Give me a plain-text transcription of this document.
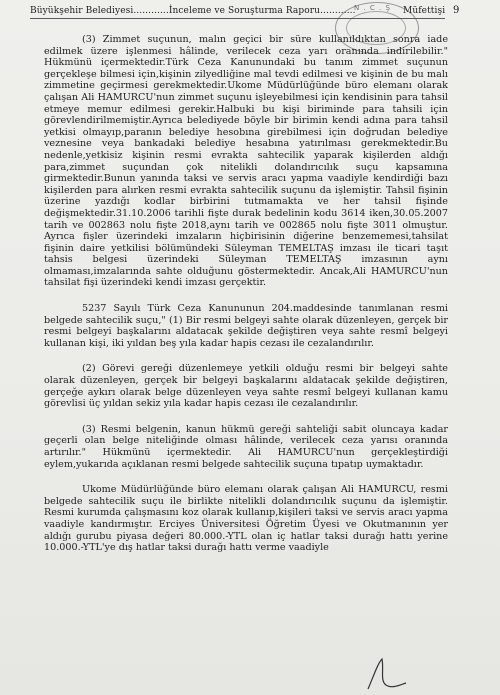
Büyükşehir Belediyesi............İnceleme ve Soruşturma Raporu............	Müfettişi 9
N . C . Ş

(3) Zimmet suçunun, malın geçici bir süre kullanıldıktan sonra iade edilmek üzere işlenmesi hâlinde, verilecek ceza yarı oranında indirilebilir." Hükmünü içermektedir.Türk Ceza Kanunundaki bu tanım zimmet suçunun gerçekleşe bilmesi için,kişinin zilyedliğine mal tevdi edilmesi ve kişinin de bu malı zimmetine geçirmesi gerekmektedir.Ukome Müdürlüğünde büro elemanı olarak çalışan Ali HAMURCU'nun zimmet suçunu işleyebilmesi için kendisinin para tahsil etmeye memur edilmesi gerekir.Halbuki bu kişi biriminde para tahsili için görevlendirilmemiştir.Ayrıca belediyede böyle bir birimin kendi adına para tahsil yetkisi olmayıp,paranın belediye hesobına girebilmesi için doğrudan belediye veznesine veya bankadaki belediye hesabına yatırılması gerekmektedir.Bu nedenle,yetkisiz kişinin resmi evrakta sahtecilik yaparak kişilerden aldığı para,zimmet suçundan çok nitelikli dolandırıcılık suçu kapsamına girmektedir.Bunun yanında taksi ve servis aracı yapma vaadiyle kendirdiği bazı kişilerden para alırken resmi evrakta sahtecilik suçunu da işlemiştir. Tahsil fişinin üzerine yazdığı kodlar birbirini tutmamakta ve her tahsil fişinde değişmektedir.31.10.2006 tarihli fişte durak bedelinin kodu 3614 iken,30.05.2007 tarih ve 002863 nolu fişte 2018,aynı tarih ve 002865 nolu fişte 3011 olmuştur. Ayrıca fişler üzerindeki imzaların hiçbirisinin diğerine benzememesi,tahsilat fişinin daire yetkilisi bölümündeki Süleyman TEMELTAŞ imzası ile ticari taşıt tahsis belgesi üzerindeki Süleyman TEMELTAŞ imzasının aynı olmaması,imzalarında sahte olduğunu göstermektedir. Ancak,Ali HAMURCU'nun tahsilat fişi üzerindeki kendi imzası gerçektir.

5237 Sayılı Türk Ceza Kanununun 204.maddesinde tanımlanan resmi belgede sahtecilik suçu," (1) Bir resmi belgeyi sahte olarak düzenleyen, gerçek bir resmi belgeyi başkalarını aldatacak şekilde değiştiren veya sahte resmî belgeyi kullanan kişi, iki yıldan beş yıla kadar hapis cezası ile cezalandırılır.

(2) Görevi gereği düzenlemeye yetkili olduğu resmi bir belgeyi sahte olarak düzenleyen, gerçek bir belgeyi başkalarını aldatacak şekilde değiştiren, gerçeğe aykırı olarak belge düzenleyen veya sahte resmî belgeyi kullanan kamu görevlisi üç yıldan sekiz yıla kadar hapis cezası ile cezalandırılır.

(3) Resmi belgenin, kanun hükmü gereği sahteliği sabit oluncaya kadar geçerli olan belge niteliğinde olması hâlinde, verilecek ceza yarısı oranında artırılır." Hükmünü içermektedir. Ali HAMURCU'nun gerçekleştirdiği eylem,yukarıda açıklanan resmi belgede sahtecilik suçuna tıpatıp uymaktadır.

Ukome Müdürlüğünde büro elemanı olarak çalışan Ali HAMURCU, resmi belgede sahtecilik suçu ile birlikte nitelikli dolandırıcılık suçunu da işlemiştir. Resmi kurumda çalışmasını koz olarak kullanıp,kişileri taksi ve servis aracı yapma vaadiyle kandırmıştır. Erciyes Üniversitesi Öğretim Üyesi ve Okutmanının yer aldığı gurubu piyasa değeri 80.000.-YTL olan iç hatlar taksi durağı hattı yerine 10.000.-YTL'ye dış hatlar taksi durağı hattı verme vaadiyle
